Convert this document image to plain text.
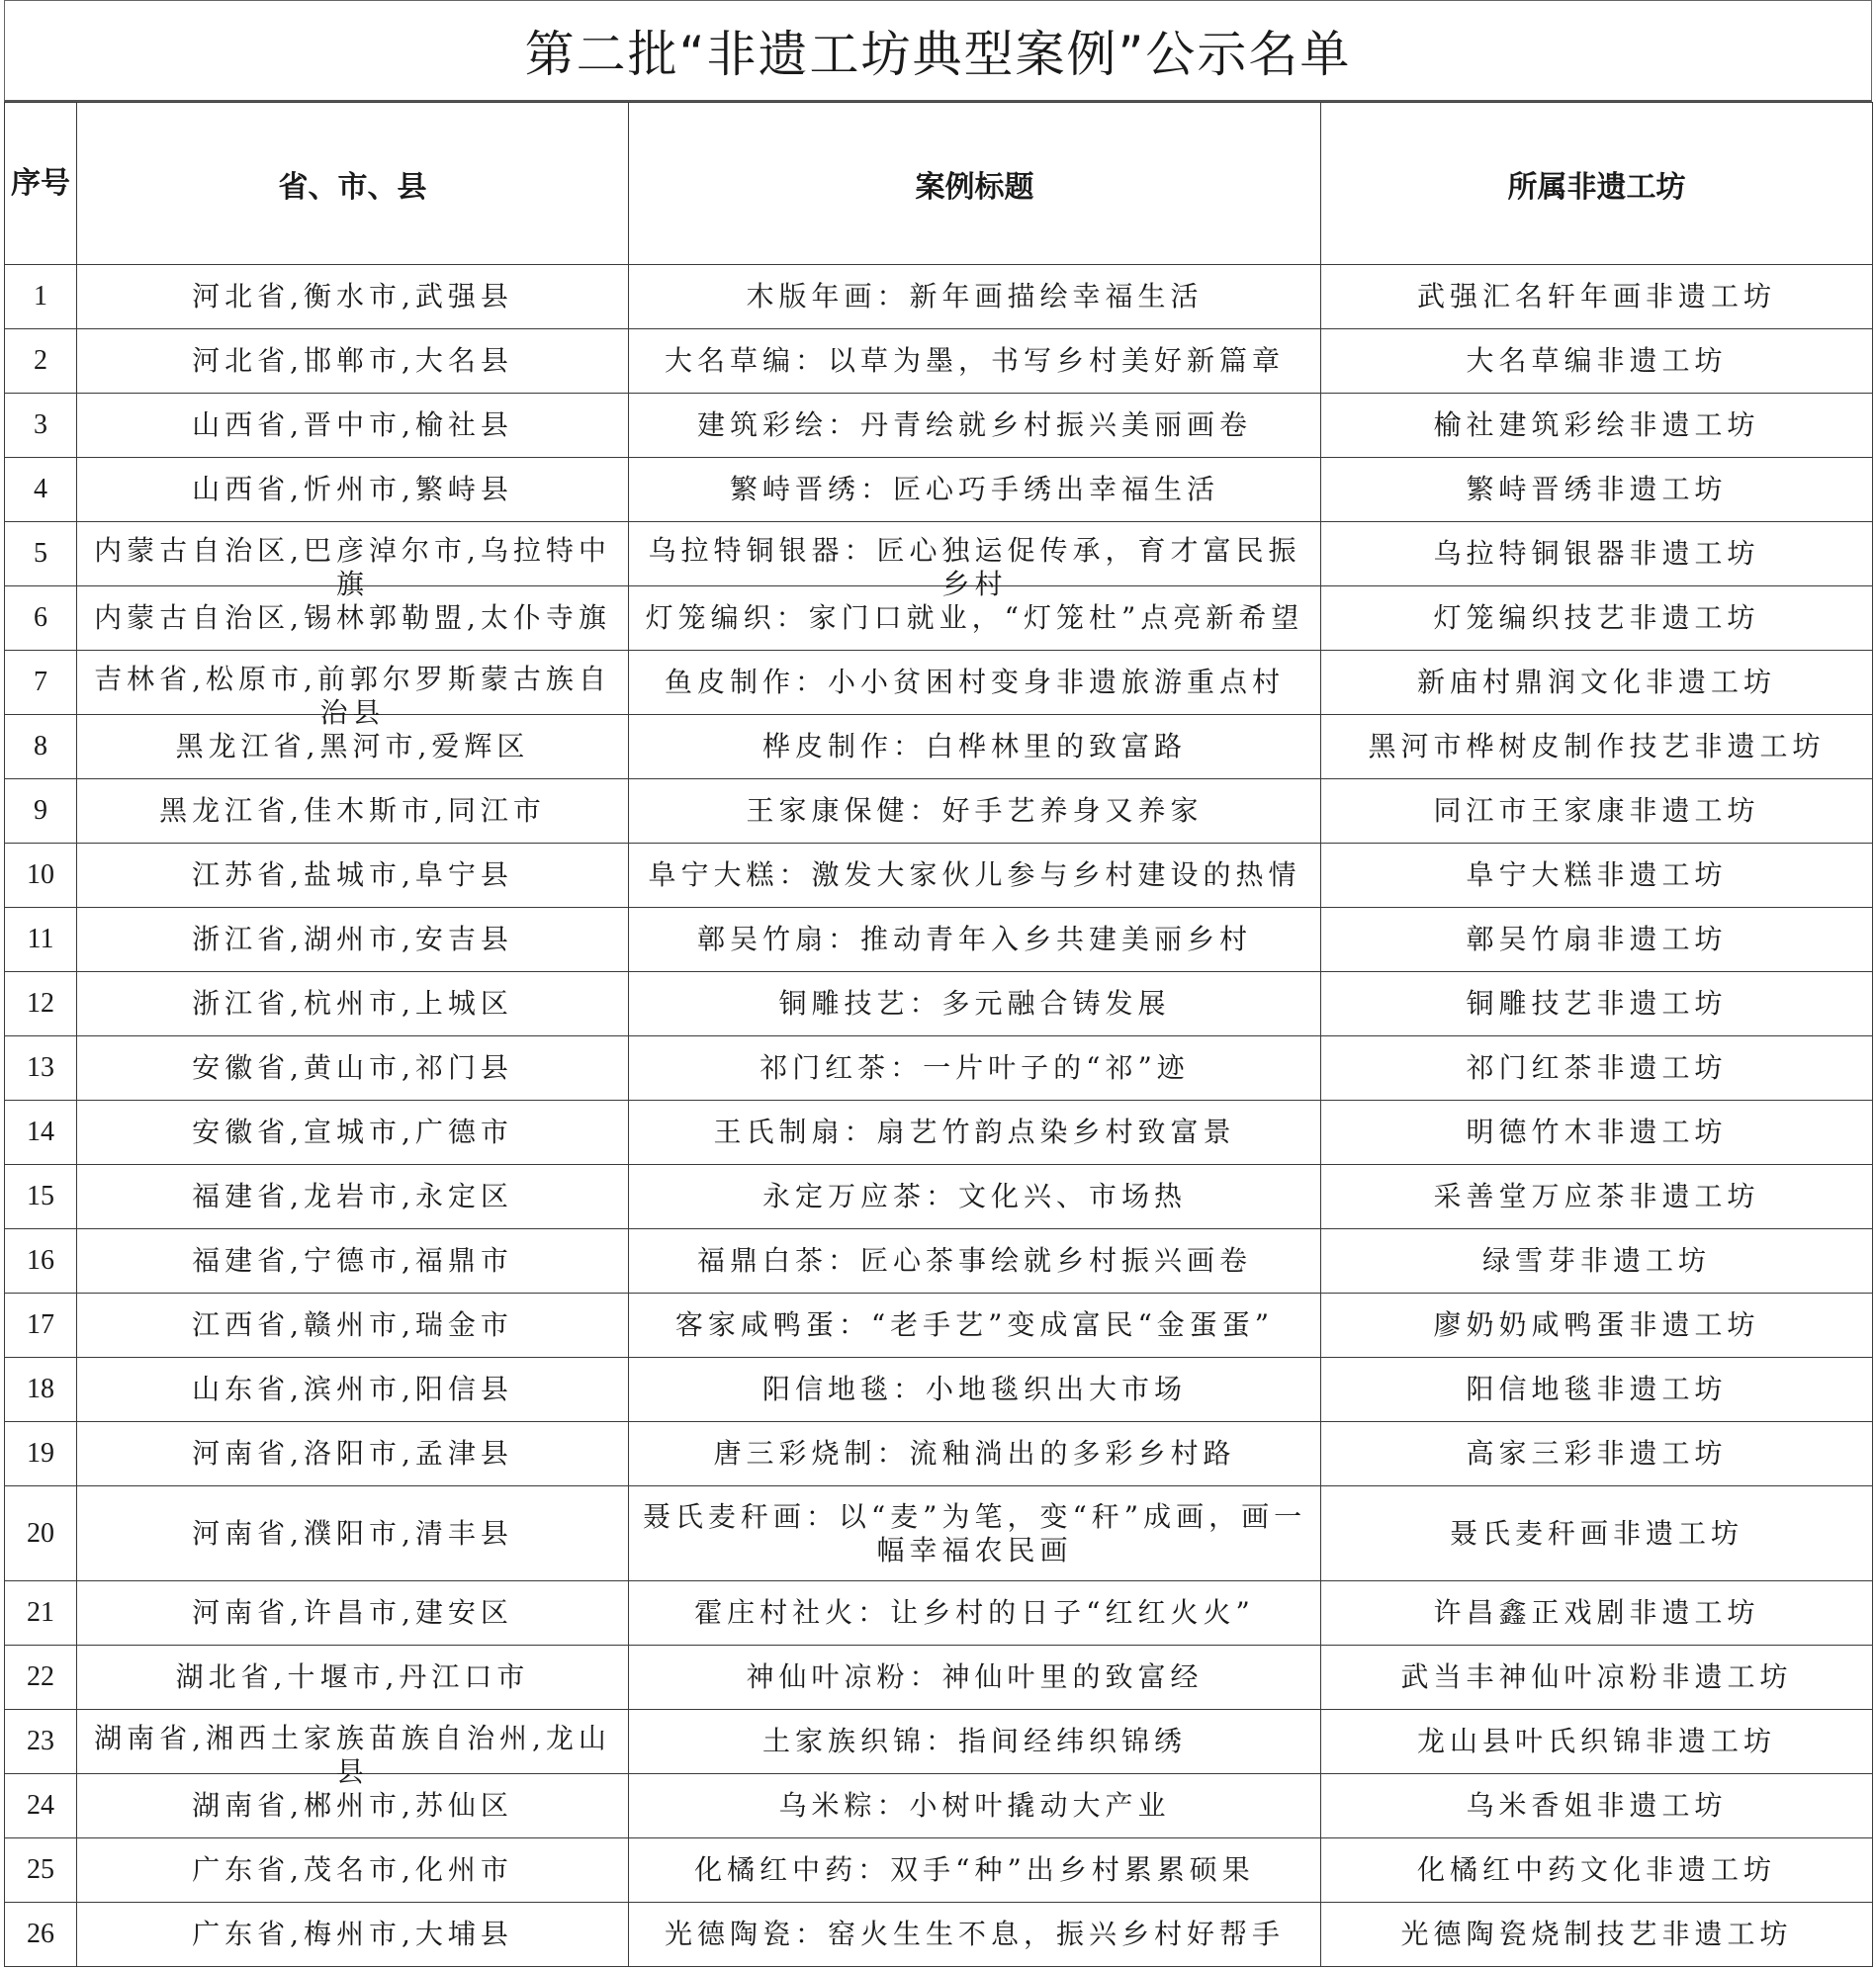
第二批“非遗工坊典型案例”公示名单
序号	省、市、县	案例标题	所属非遗工坊

1	河北省,衡水市,武强县	木版年画：新年画描绘幸福生活	武强汇名轩年画非遗工坊

2	河北省,邯郸市,大名县	大名草编：以草为墨，书写乡村美好新篇章	大名草编非遗工坊

3	山西省,晋中市,榆社县	建筑彩绘：丹青绘就乡村振兴美丽画卷	榆社建筑彩绘非遗工坊

4	山西省,忻州市,繁峙县	繁峙晋绣：匠心巧手绣出幸福生活	繁峙晋绣非遗工坊

5	内蒙古自治区,巴彦淖尔市,乌拉特中旗	乌拉特铜银器：匠心独运促传承，育才富民振乡村	乌拉特铜银器非遗工坊

6	内蒙古自治区,锡林郭勒盟,太仆寺旗	灯笼编织：家门口就业，“灯笼杜”点亮新希望	灯笼编织技艺非遗工坊

7	吉林省,松原市,前郭尔罗斯蒙古族自治县	鱼皮制作：小小贫困村变身非遗旅游重点村	新庙村鼎润文化非遗工坊

8	黑龙江省,黑河市,爱辉区	桦皮制作：白桦林里的致富路	黑河市桦树皮制作技艺非遗工坊

9	黑龙江省,佳木斯市,同江市	王家康保健：好手艺养身又养家	同江市王家康非遗工坊

10	江苏省,盐城市,阜宁县	阜宁大糕：激发大家伙儿参与乡村建设的热情	阜宁大糕非遗工坊

11	浙江省,湖州市,安吉县	鄣吴竹扇：推动青年入乡共建美丽乡村	鄣吴竹扇非遗工坊

12	浙江省,杭州市,上城区	铜雕技艺：多元融合铸发展	铜雕技艺非遗工坊

13	安徽省,黄山市,祁门县	祁门红茶：一片叶子的“祁”迹	祁门红茶非遗工坊

14	安徽省,宣城市,广德市	王氏制扇：扇艺竹韵点染乡村致富景	明德竹木非遗工坊

15	福建省,龙岩市,永定区	永定万应茶：文化兴、市场热	采善堂万应茶非遗工坊

16	福建省,宁德市,福鼎市	福鼎白茶：匠心茶事绘就乡村振兴画卷	绿雪芽非遗工坊

17	江西省,赣州市,瑞金市	客家咸鸭蛋：“老手艺”变成富民“金蛋蛋”	廖奶奶咸鸭蛋非遗工坊

18	山东省,滨州市,阳信县	阳信地毯：小地毯织出大市场	阳信地毯非遗工坊

19	河南省,洛阳市,孟津县	唐三彩烧制：流釉淌出的多彩乡村路	高家三彩非遗工坊

20	河南省,濮阳市,清丰县	聂氏麦秆画：以“麦”为笔，变“秆”成画，画一幅幸福农民画	聂氏麦秆画非遗工坊

21	河南省,许昌市,建安区	霍庄村社火：让乡村的日子“红红火火”	许昌鑫正戏剧非遗工坊

22	湖北省,十堰市,丹江口市	神仙叶凉粉：神仙叶里的致富经	武当丰神仙叶凉粉非遗工坊

23	湖南省,湘西土家族苗族自治州,龙山县	土家族织锦：指间经纬织锦绣	龙山县叶氏织锦非遗工坊

24	湖南省,郴州市,苏仙区	乌米粽：小树叶撬动大产业	乌米香姐非遗工坊

25	广东省,茂名市,化州市	化橘红中药：双手“种”出乡村累累硕果	化橘红中药文化非遗工坊

26	广东省,梅州市,大埔县	光德陶瓷：窑火生生不息，振兴乡村好帮手	光德陶瓷烧制技艺非遗工坊
